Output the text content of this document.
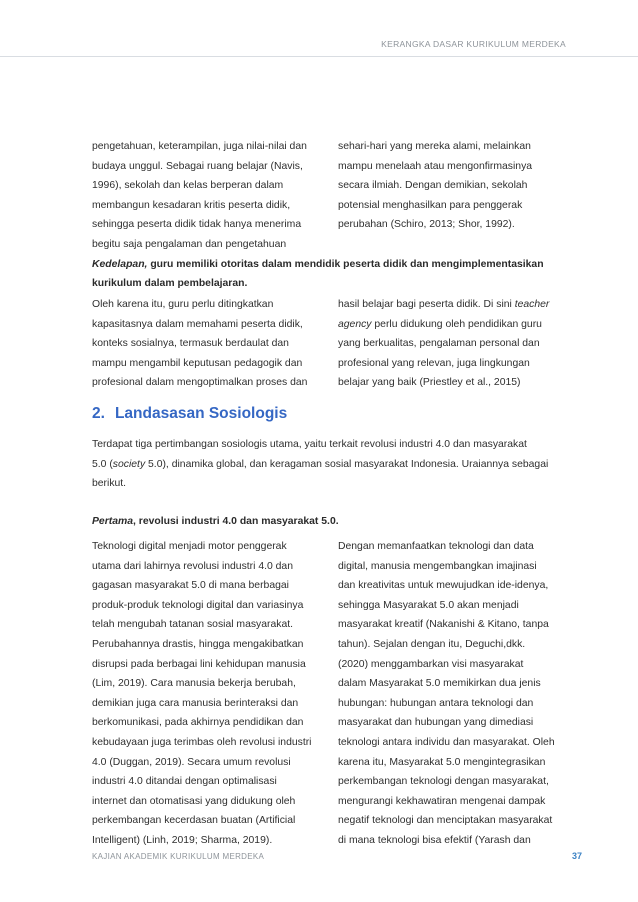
KERANGKA DASAR KURIKULUM MERDEKA
pengetahuan, keterampilan, juga nilai-nilai dan
budaya unggul. Sebagai ruang belajar (Navis,
1996), sekolah dan kelas berperan dalam
membangun kesadaran kritis peserta didik,
sehingga peserta didik tidak hanya menerima
begitu saja pengalaman dan pengetahuan
sehari-hari yang mereka alami, melainkan
mampu menelaah atau mengonfirmasinya
secara ilmiah. Dengan demikian, sekolah
potensial menghasilkan para penggerak
perubahan (Schiro, 2013; Shor, 1992).
Kedelapan, guru memiliki otoritas dalam mendidik peserta didik dan mengimplementasikan
kurikulum dalam pembelajaran.
Oleh karena itu, guru perlu ditingkatkan
kapasitasnya dalam memahami peserta didik,
konteks sosialnya, termasuk berdaulat dan
mampu mengambil keputusan pedagogik dan
profesional dalam mengoptimalkan proses dan
hasil belajar bagi peserta didik. Di sini teacher
agency perlu didukung oleh pendidikan guru
yang berkualitas, pengalaman personal dan
profesional yang relevan, juga lingkungan
belajar yang baik (Priestley et al., 2015)
2. Landasasan Sosiologis
Terdapat tiga pertimbangan sosiologis utama, yaitu terkait revolusi industri 4.0 dan masyarakat
5.0 (society 5.0), dinamika global, dan keragaman sosial masyarakat Indonesia. Uraiannya sebagai
berikut.
Pertama, revolusi industri 4.0 dan masyarakat 5.0.
Teknologi digital menjadi motor penggerak
utama dari lahirnya revolusi industri 4.0 dan
gagasan masyarakat 5.0 di mana berbagai
produk-produk teknologi digital dan variasinya
telah mengubah tatanan sosial masyarakat.
Perubahannya drastis, hingga mengakibatkan
disrupsi pada berbagai lini kehidupan manusia
(Lim, 2019). Cara manusia bekerja berubah,
demikian juga cara manusia berinteraksi dan
berkomunikasi, pada akhirnya pendidikan dan
kebudayaan juga terimbas oleh revolusi industri
4.0 (Duggan, 2019). Secara umum revolusi
industri 4.0 ditandai dengan optimalisasi
internet dan otomatisasi yang didukung oleh
perkembangan kecerdasan buatan (Artificial
Intelligent) (Linh, 2019; Sharma, 2019).
Dengan memanfaatkan teknologi dan data
digital, manusia mengembangkan imajinasi
dan kreativitas untuk mewujudkan ide-idenya,
sehingga Masyarakat 5.0 akan menjadi
masyarakat kreatif (Nakanishi & Kitano, tanpa
tahun). Sejalan dengan itu, Deguchi,dkk.
(2020) menggambarkan visi masyarakat
dalam Masyarakat 5.0 memikirkan dua jenis
hubungan: hubungan antara teknologi dan
masyarakat dan hubungan yang dimediasi
teknologi antara individu dan masyarakat. Oleh
karena itu, Masyarakat 5.0 mengintegrasikan
perkembangan teknologi dengan masyarakat,
mengurangi kekhawatiran mengenai dampak
negatif teknologi dan menciptakan masyarakat
di mana teknologi bisa efektif (Yarash dan
KAJIAN AKADEMIK KURIKULUM MERDEKA	37
